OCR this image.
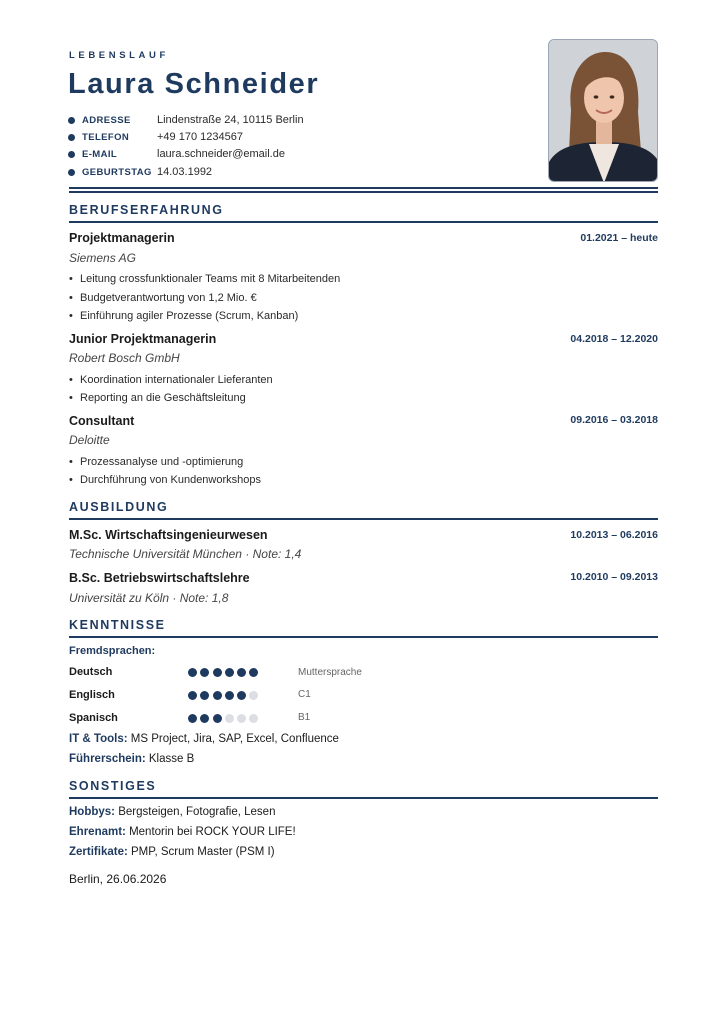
LEBENSLAUF
Laura Schneider
ADRESSE Lindenstraße 24, 10115 Berlin
TELEFON	+49 170 1234567
E-MAIL	laura.schneider@email.de
GEBURTSTAG 14.03.1992
BERUFSERFAHRUNG
Projektmanagerin	01.2021 – heute
Siemens AG
• Leitung crossfunktionaler Teams mit 8 Mitarbeitenden
• Budgetverantwortung von 1,2 Mio. €
• Einführung agiler Prozesse (Scrum, Kanban)
Junior Projektmanagerin	04.2018 – 12.2020
Robert Bosch GmbH
• Koordination internationaler Lieferanten
• Reporting an die Geschäftsleitung
Consultant	09.2016 – 03.2018
Deloitte
• Prozessanalyse und -optimierung
• Durchführung von Kundenworkshops
AUSBILDUNG
M.Sc. Wirtschaftsingenieurwesen	10.2013 – 06.2016
Technische Universität München · Note: 1,4
B.Sc. Betriebswirtschaftslehre	10.2010 – 09.2013
Universität zu Köln · Note: 1,8
KENNTNISSE
Fremdsprachen:
Deutsch	Muttersprache
Englisch	C1
Spanisch	B1
IT & Tools: MS Project, Jira, SAP, Excel, Confluence
Führerschein: Klasse B
SONSTIGES
Hobbys: Bergsteigen, Fotografie, Lesen
Ehrenamt: Mentorin bei ROCK YOUR LIFE!
Zertifikate: PMP, Scrum Master (PSM I)
Berlin, 26.06.2026
